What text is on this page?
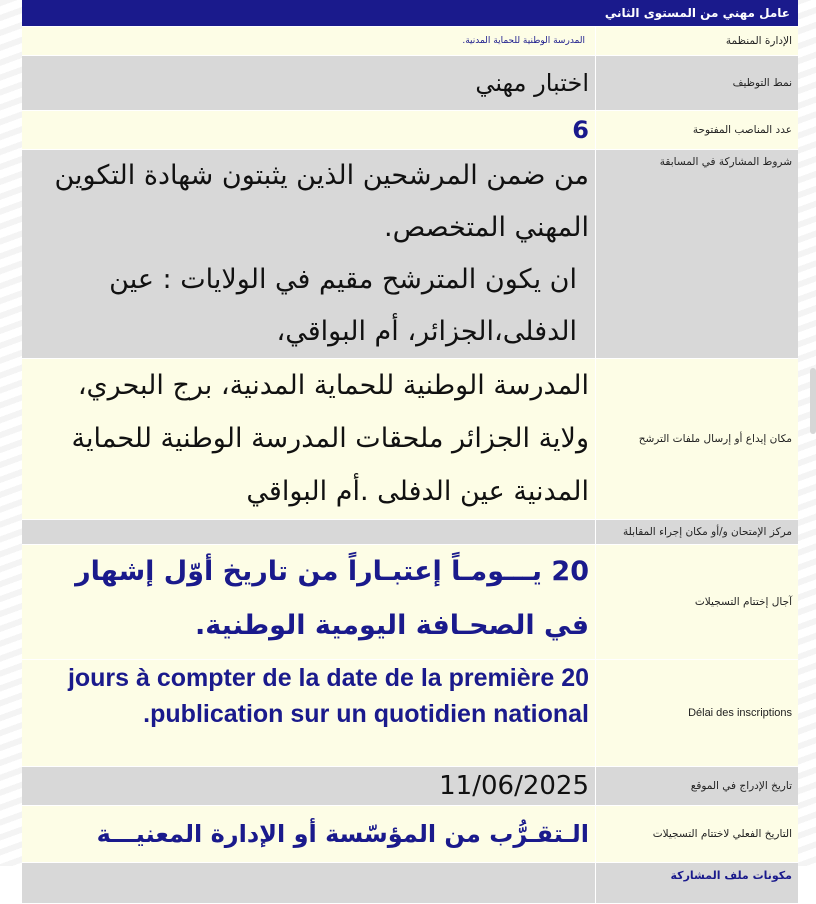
عامل مهني من المستوى الثاني
الإدارة المنظمة
المدرسة الوطنية للحماية المدنية.
نمط التوظيف
اختبار مهني
عدد المناصب المفتوحة
6
شروط المشاركة في المسابقة
من ضمن المرشحين الذين يثبتون شهادة التكوين المهني المتخصص.
ان يكون المترشح مقيم في الولايات : عين الدفلى،الجزائر، أم البواقي،
مكان إيداع أو إرسال ملفات الترشح
المدرسة الوطنية للحماية المدنية، برج البحري، ولاية الجزائر ملحقات المدرسة الوطنية للحماية المدنية عين الدفلى .أم البواقي
مركز الإمتحان و/أو مكان إجراء المقابلة
آجال إختتام التسجيلات
20 يـــومـاً إعتبـاراً من تاريخ أوّل إشهار في الصحـافة اليومية الوطنية.
Délai des inscriptions
20 jours à compter de la date de la première publication sur un quotidien national.
تاريخ الإدراج في الموقع
11/06/2025
التاريخ الفعلي لاختتام التسجيلات
الـتقـرُّب من المؤسّسة أو الإدارة المعنيـــة
مكونات ملف المشاركة
